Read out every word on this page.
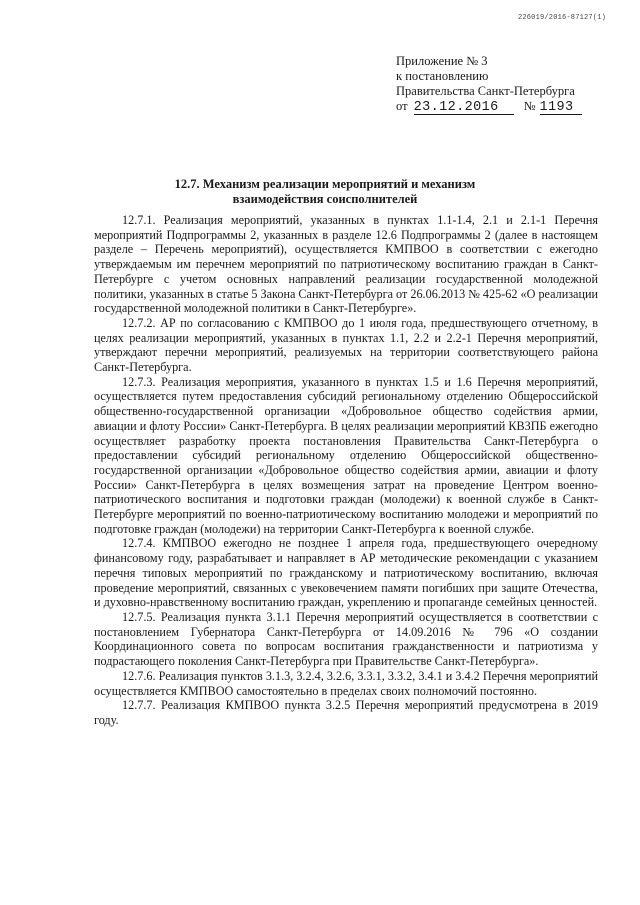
226019/2016-87127(1)
Приложение № 3
к постановлению
Правительства Санкт-Петербурга
от 23.12.2016	№ 1193
12.7. Механизм реализации мероприятий и механизм
взаимодействия соисполнителей

12.7.1. Реализация мероприятий, указанных в пунктах 1.1-1.4, 2.1 и 2.1-1 Перечня мероприятий Подпрограммы 2, указанных в разделе 12.6 Подпрограммы 2 (далее в настоящем разделе – Перечень мероприятий), осуществляется КМПВОО в соответствии с ежегодно утверждаемым им перечнем мероприятий по патриотическому воспитанию граждан в Санкт-Петербурге с учетом основных направлений реализации государственной молодежной политики, указанных в статье 5 Закона Санкт-Петербурга от 26.06.2013 № 425-62 «О реализации государственной молодежной политики в Санкт-Петербурге».

12.7.2. АР по согласованию с КМПВОО до 1 июля года, предшествующего отчетному, в целях реализации мероприятий, указанных в пунктах 1.1, 2.2 и 2.2-1 Перечня мероприятий, утверждают перечни мероприятий, реализуемых на территории соответствующего района Санкт-Петербурга.

12.7.3. Реализация мероприятия, указанного в пунктах 1.5 и 1.6 Перечня мероприятий, осуществляется путем предоставления субсидий региональному отделению Общероссийской общественно-государственной организации «Добровольное общество содействия армии, авиации и флоту России» Санкт-Петербурга. В целях реализации мероприятий КВЗПБ ежегодно осуществляет разработку проекта постановления Правительства Санкт-Петербурга о предоставлении субсидий региональному отделению Общероссийской общественно-государственной организации «Добровольное общество содействия армии, авиации и флоту России» Санкт-Петербурга в целях возмещения затрат на проведение Центром военно-патриотического воспитания и подготовки граждан (молодежи) к военной службе в Санкт-Петербурге мероприятий по военно-патриотическому воспитанию молодежи и мероприятий по подготовке граждан (молодежи) на территории Санкт-Петербурга к военной службе.

12.7.4. КМПВОО ежегодно не позднее 1 апреля года, предшествующего очередному финансовому году, разрабатывает и направляет в АР методические рекомендации с указанием перечня типовых мероприятий по гражданскому и патриотическому воспитанию, включая проведение мероприятий, связанных с увековечением памяти погибших при защите Отечества, и духовно-нравственному воспитанию граждан, укреплению и пропаганде семейных ценностей.

12.7.5. Реализация пункта 3.1.1 Перечня мероприятий осуществляется в соответствии с постановлением Губернатора Санкт-Петербурга от 14.09.2016 № 796 «О создании Координационного совета по вопросам воспитания гражданственности и патриотизма у подрастающего поколения Санкт-Петербурга при Правительстве Санкт-Петербурга».

12.7.6. Реализация пунктов 3.1.3, 3.2.4, 3.2.6, 3.3.1, 3.3.2, 3.4.1 и 3.4.2 Перечня мероприятий осуществляется КМПВОО самостоятельно в пределах своих полномочий постоянно.

12.7.7. Реализация КМПВОО пункта 3.2.5 Перечня мероприятий предусмотрена в 2019 году.
